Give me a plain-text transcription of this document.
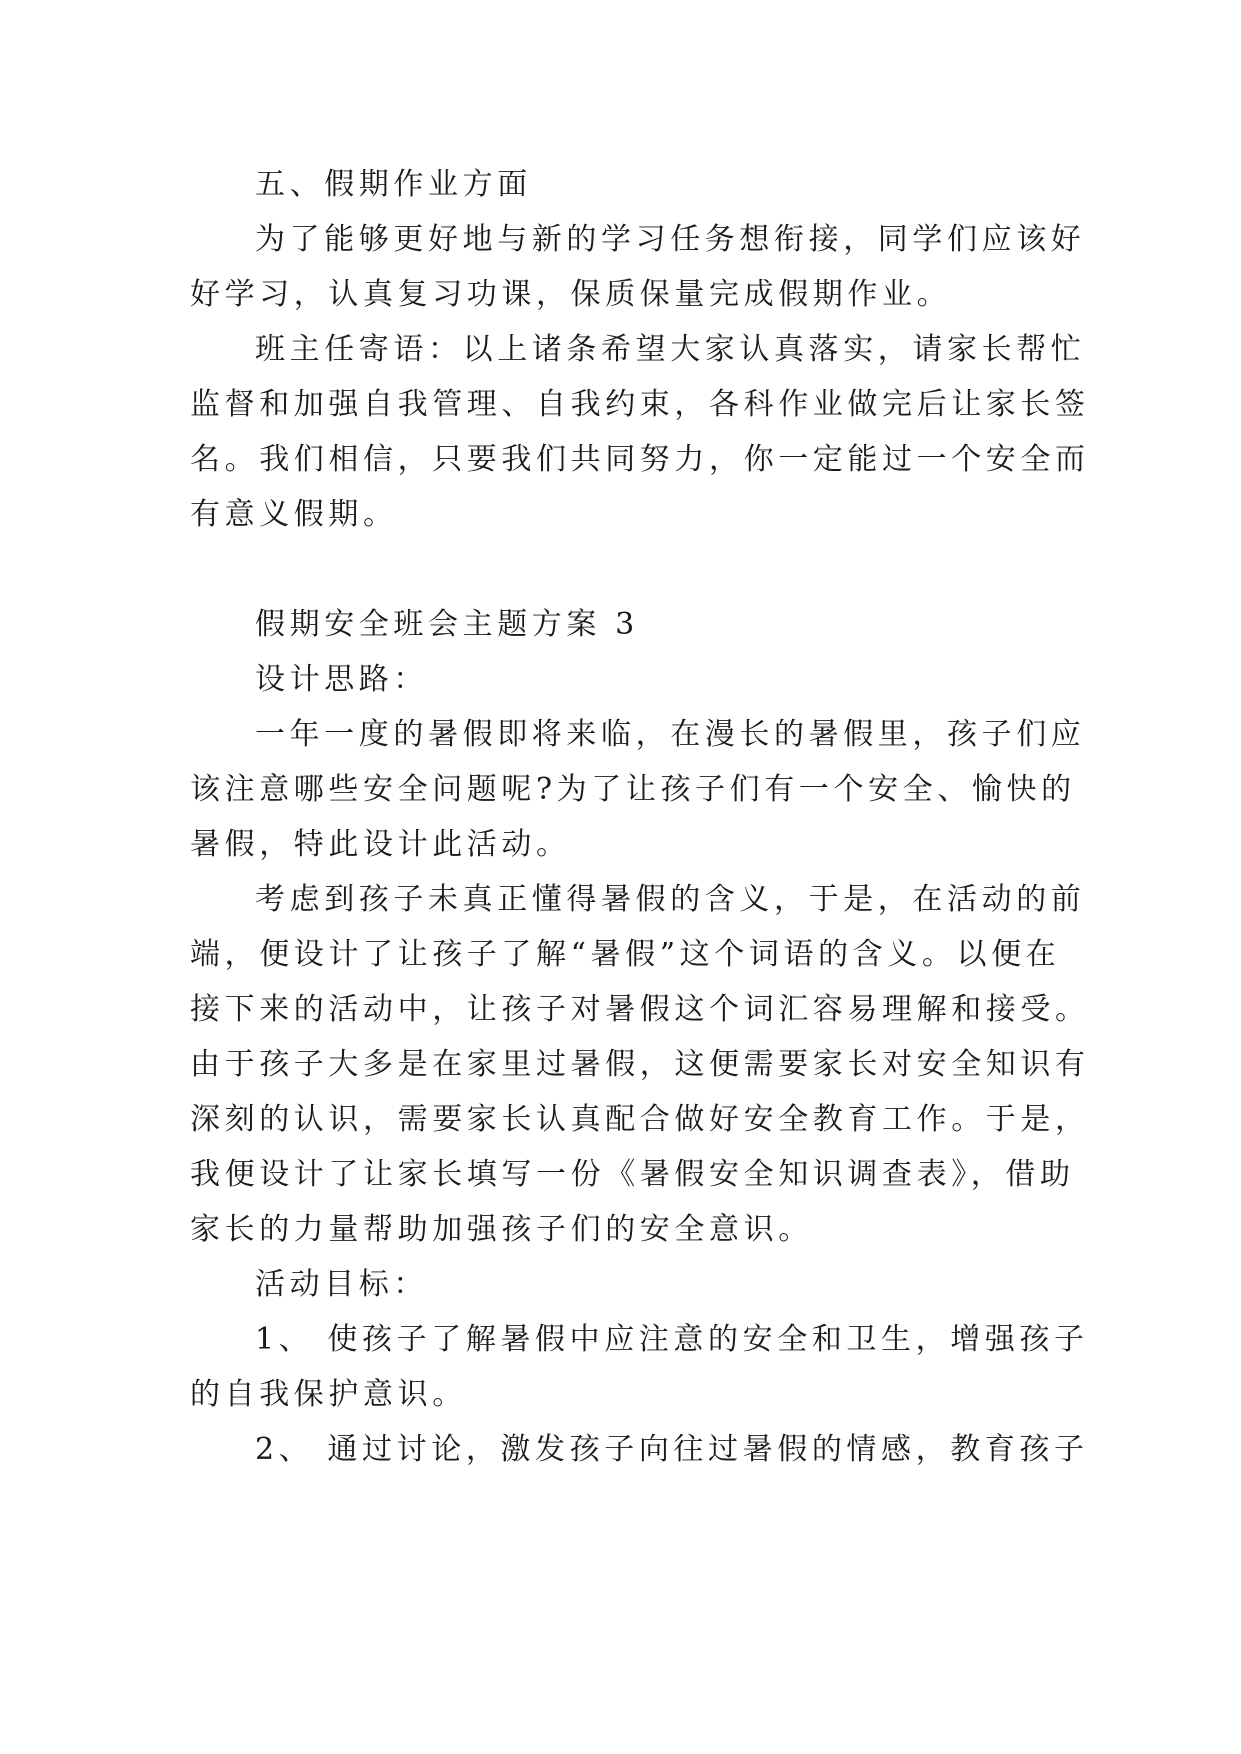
五、假期作业方面
为了能够更好地与新的学习任务想衔接，同学们应该好
好学习，认真复习功课，保质保量完成假期作业。
班主任寄语：以上诸条希望大家认真落实，请家长帮忙
监督和加强自我管理、自我约束，各科作业做完后让家长签
名。我们相信，只要我们共同努力，你一定能过一个安全而
有意义假期。
假期安全班会主题方案 3
设计思路：
一年一度的暑假即将来临，在漫长的暑假里，孩子们应
该注意哪些安全问题呢?为了让孩子们有一个安全、愉快的
暑假，特此设计此活动。
考虑到孩子未真正懂得暑假的含义，于是，在活动的前
端，便设计了让孩子了解“暑假”这个词语的含义。以便在
接下来的活动中，让孩子对暑假这个词汇容易理解和接受。
由于孩子大多是在家里过暑假，这便需要家长对安全知识有
深刻的认识，需要家长认真配合做好安全教育工作。于是，
我便设计了让家长填写一份《暑假安全知识调查表》，借助
家长的力量帮助加强孩子们的安全意识。
活动目标：
1、 使孩子了解暑假中应注意的安全和卫生，增强孩子
的自我保护意识。
2、 通过讨论，激发孩子向往过暑假的情感，教育孩子
